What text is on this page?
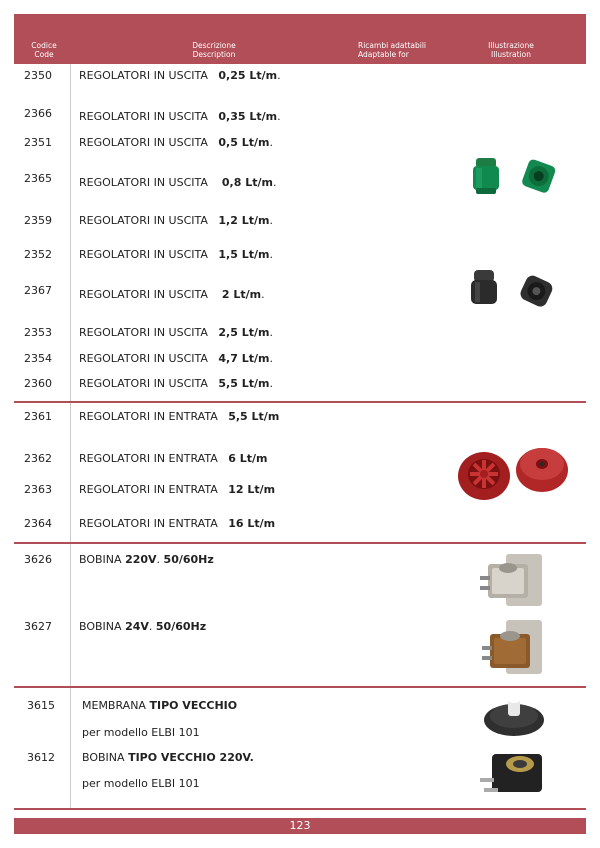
Codice
Code
Descrizione
Description
Ricambi adattabili
Adaptable for
Illustrazione
Illustration
2350 REGOLATORI IN USCITA 0,25 Lt/m.
2366 REGOLATORI IN USCITA 0,35 Lt/m.
2351 REGOLATORI IN USCITA 0,5 Lt/m.
2365 REGOLATORI IN USCITA 0,8 Lt/m.
2359 REGOLATORI IN USCITA 1,2 Lt/m.
2352 REGOLATORI IN USCITA 1,5 Lt/m.
2367 REGOLATORI IN USCITA 2 Lt/m.
2353 REGOLATORI IN USCITA 2,5 Lt/m.
2354 REGOLATORI IN USCITA 4,7 Lt/m.
2360 REGOLATORI IN USCITA 5,5 Lt/m.
2361 REGOLATORI IN ENTRATA 5,5 Lt/m
2362 REGOLATORI IN ENTRATA 6 Lt/m
2363 REGOLATORI IN ENTRATA 12 Lt/m
2364 REGOLATORI IN ENTRATA 16 Lt/m
3626 BOBINA 220V. 50/60Hz
3627 BOBINA 24V. 50/60Hz
3615 MEMBRANA TIPO VECCHIO
per modello ELBI 101
3612 BOBINA TIPO VECCHIO 220V.
per modello ELBI 101
123
